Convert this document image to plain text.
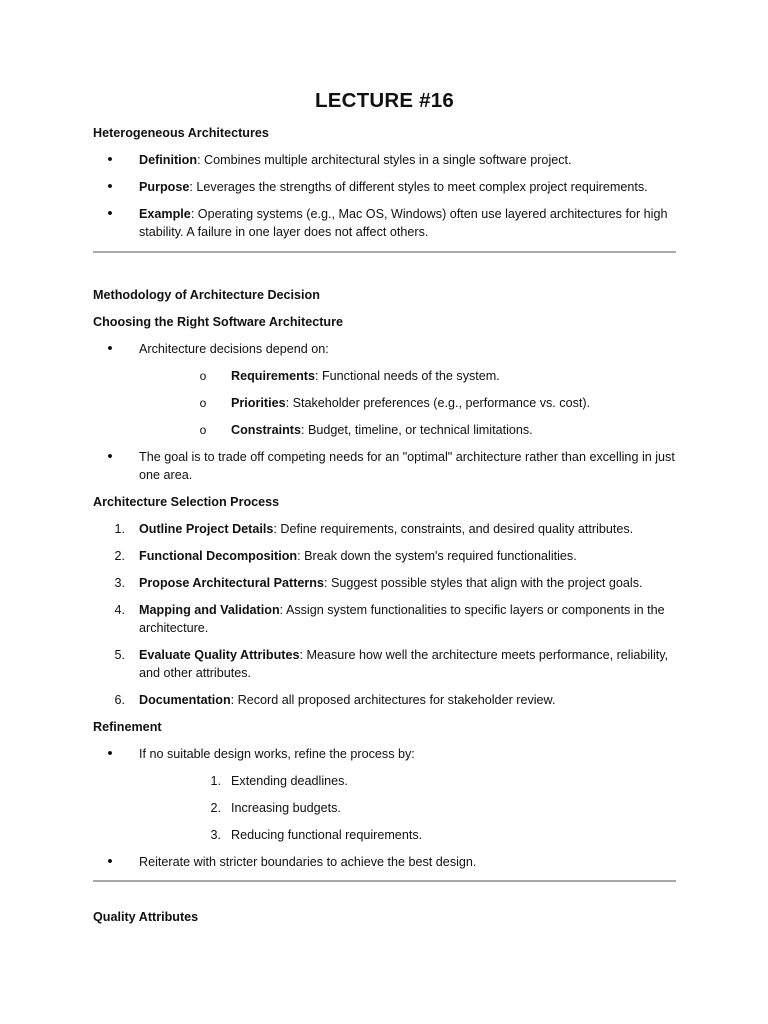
LECTURE #16
Heterogeneous Architectures
•	Definition: Combines multiple architectural styles in a single software project.
•	Purpose: Leverages the strengths of different styles to meet complex project requirements.
•	Example: Operating systems (e.g., Mac OS, Windows) often use layered architectures for high stability. A failure in one layer does not affect others.
Methodology of Architecture Decision
Choosing the Right Software Architecture
•	Architecture decisions depend on:
o	Requirements: Functional needs of the system.
o	Priorities: Stakeholder preferences (e.g., performance vs. cost).
o	Constraints: Budget, timeline, or technical limitations.
•	The goal is to trade off competing needs for an "optimal" architecture rather than excelling in just one area.
Architecture Selection Process
1. Outline Project Details: Define requirements, constraints, and desired quality attributes.
2. Functional Decomposition: Break down the system's required functionalities.
3. Propose Architectural Patterns: Suggest possible styles that align with the project goals.
4. Mapping and Validation: Assign system functionalities to specific layers or components in the architecture.
5. Evaluate Quality Attributes: Measure how well the architecture meets performance, reliability, and other attributes.
6. Documentation: Record all proposed architectures for stakeholder review.
Refinement
•	If no suitable design works, refine the process by:
1. Extending deadlines.
2. Increasing budgets.
3. Reducing functional requirements.
•	Reiterate with stricter boundaries to achieve the best design.
Quality Attributes
